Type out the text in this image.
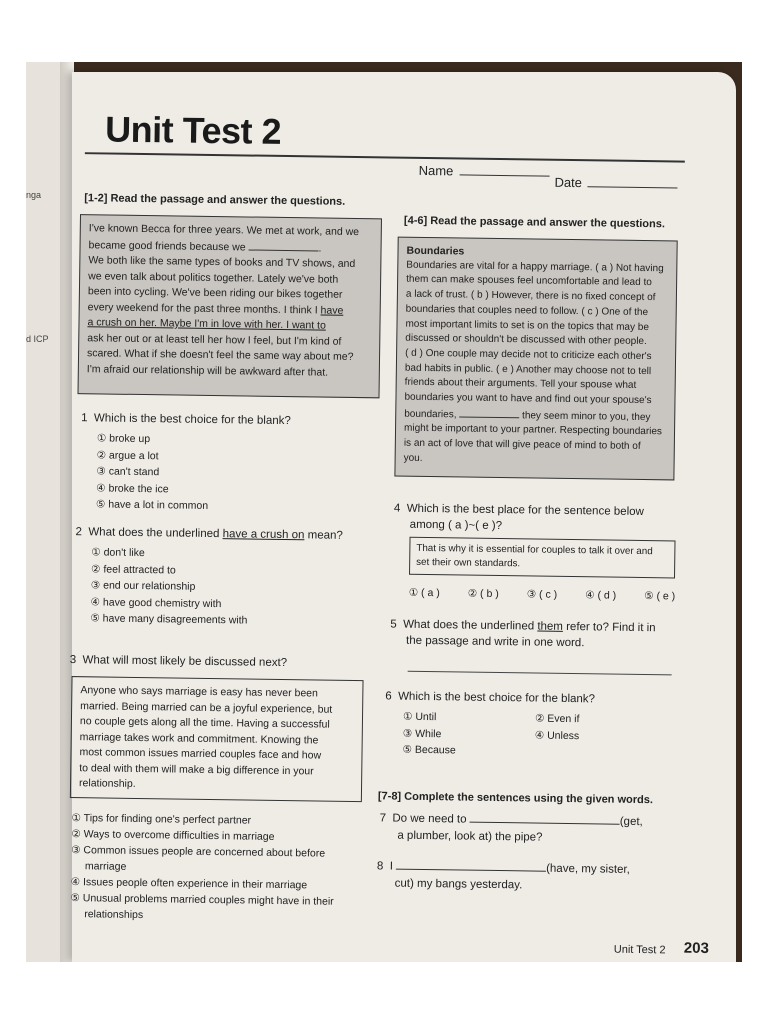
nga
d ICP
Unit Test 2
Name
Date
[1-2] Read the passage and answer the questions.
I've known Becca for three years. We met at work, and we
became good friends because we	.
We both like the same types of books and TV shows, and
we even talk about politics together. Lately we've both
been into cycling. We've been riding our bikes together
every weekend for the past three months. I think I have
a crush on her. Maybe I'm in love with her. I want to
ask her out or at least tell her how I feel, but I'm kind of
scared. What if she doesn't feel the same way about me?
I'm afraid our relationship will be awkward after that.
1 Which is the best choice for the blank?
① broke up
② argue a lot
③ can't stand
④ broke the ice
⑤ have a lot in common
2 What does the underlined have a crush on mean?
① don't like
② feel attracted to
③ end our relationship
④ have good chemistry with
⑤ have many disagreements with
3 What will most likely be discussed next?
Anyone who says marriage is easy has never been
married. Being married can be a joyful experience, but
no couple gets along all the time. Having a successful
marriage takes work and commitment. Knowing the
most common issues married couples face and how
to deal with them will make a big difference in your
relationship.
① Tips for finding one's perfect partner
② Ways to overcome difficulties in marriage
③ Common issues people are concerned about before
marriage
④ Issues people often experience in their marriage
⑤ Unusual problems married couples might have in their
relationships
[4-6] Read the passage and answer the questions.
Boundaries
Boundaries are vital for a happy marriage. ( a ) Not having
them can make spouses feel uncomfortable and lead to
a lack of trust. ( b ) However, there is no fixed concept of
boundaries that couples need to follow. ( c ) One of the
most important limits to set is on the topics that may be
discussed or shouldn't be discussed with other people.
( d ) One couple may decide not to criticize each other's
bad habits in public. ( e ) Another may choose not to tell
friends about their arguments. Tell your spouse what
boundaries you want to have and find out your spouse's
boundaries,	they seem minor to you, they
might be important to your partner. Respecting boundaries
is an act of love that will give peace of mind to both of
you.
4 Which is the best place for the sentence below
among ( a )~( e )?
That is why it is essential for couples to talk it over and
set their own standards.
① ( a )	② ( b )	③ ( c )	④ ( d )	⑤ ( e )
5 What does the underlined them refer to? Find it in
the passage and write in one word.
6 Which is the best choice for the blank?
① Until	② Even if
③ While	④ Unless
⑤ Because
[7-8] Complete the sentences using the given words.
7 Do we need to	(get,
a plumber, look at) the pipe?
8 I	(have, my sister,
cut) my bangs yesterday.
Unit Test 2 203
